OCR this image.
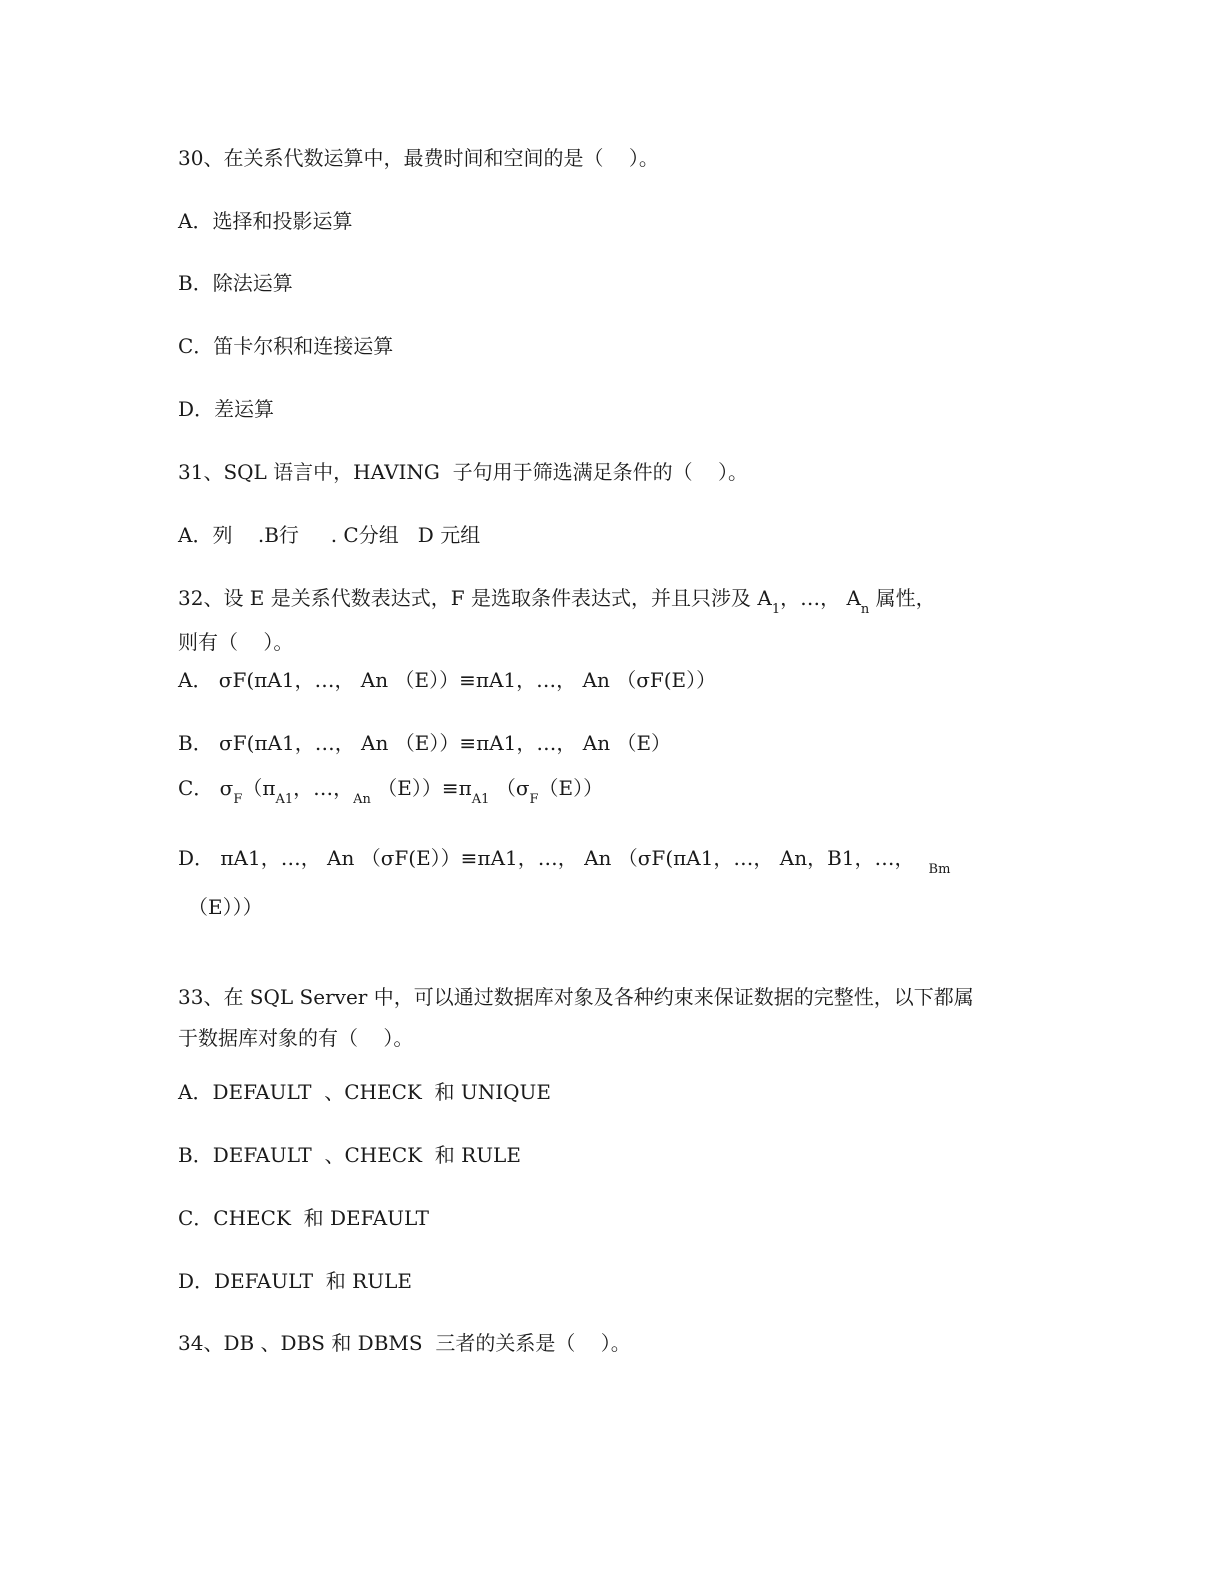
30、在关系代数运算中，最费时间和空间的是（    ）。
A．选择和投影运算
B．除法运算
C．笛卡尔积和连接运算
D．差运算
31、SQL 语言中，HAVING  子句用于筛选满足条件的（    ）。
A．列    .B行     . C分组   D 元组
32、设 E 是关系代数表达式，F 是选取条件表达式，并且只涉及 $A_1$，…， $A_n$ 属性，
则有（    ）。
A． σF(πA1，…， An （E））≡πA1，…， An （σF(E））
B． σF(πA1，…， An （E））≡πA1，…， An （E）
C． $\sigma_F(\pi_{A1}$，…，$_{An}$ $(E))\equiv\pi_{A1}$ $(\sigma_F(E))$
D． πA1，…， An （σF(E））≡πA1，…， An （σF(πA1，…， An，B1，…， $_{Bm}$
（E）））
33、在 SQL Server 中，可以通过数据库对象及各种约束来保证数据的完整性，以下都属
于数据库对象的有（    ）。
A．DEFAULT  、CHECK  和 UNIQUE
B．DEFAULT  、CHECK  和 RULE
C．CHECK  和 DEFAULT
D．DEFAULT  和 RULE
34、DB 、DBS 和 DBMS  三者的关系是（    ）。
